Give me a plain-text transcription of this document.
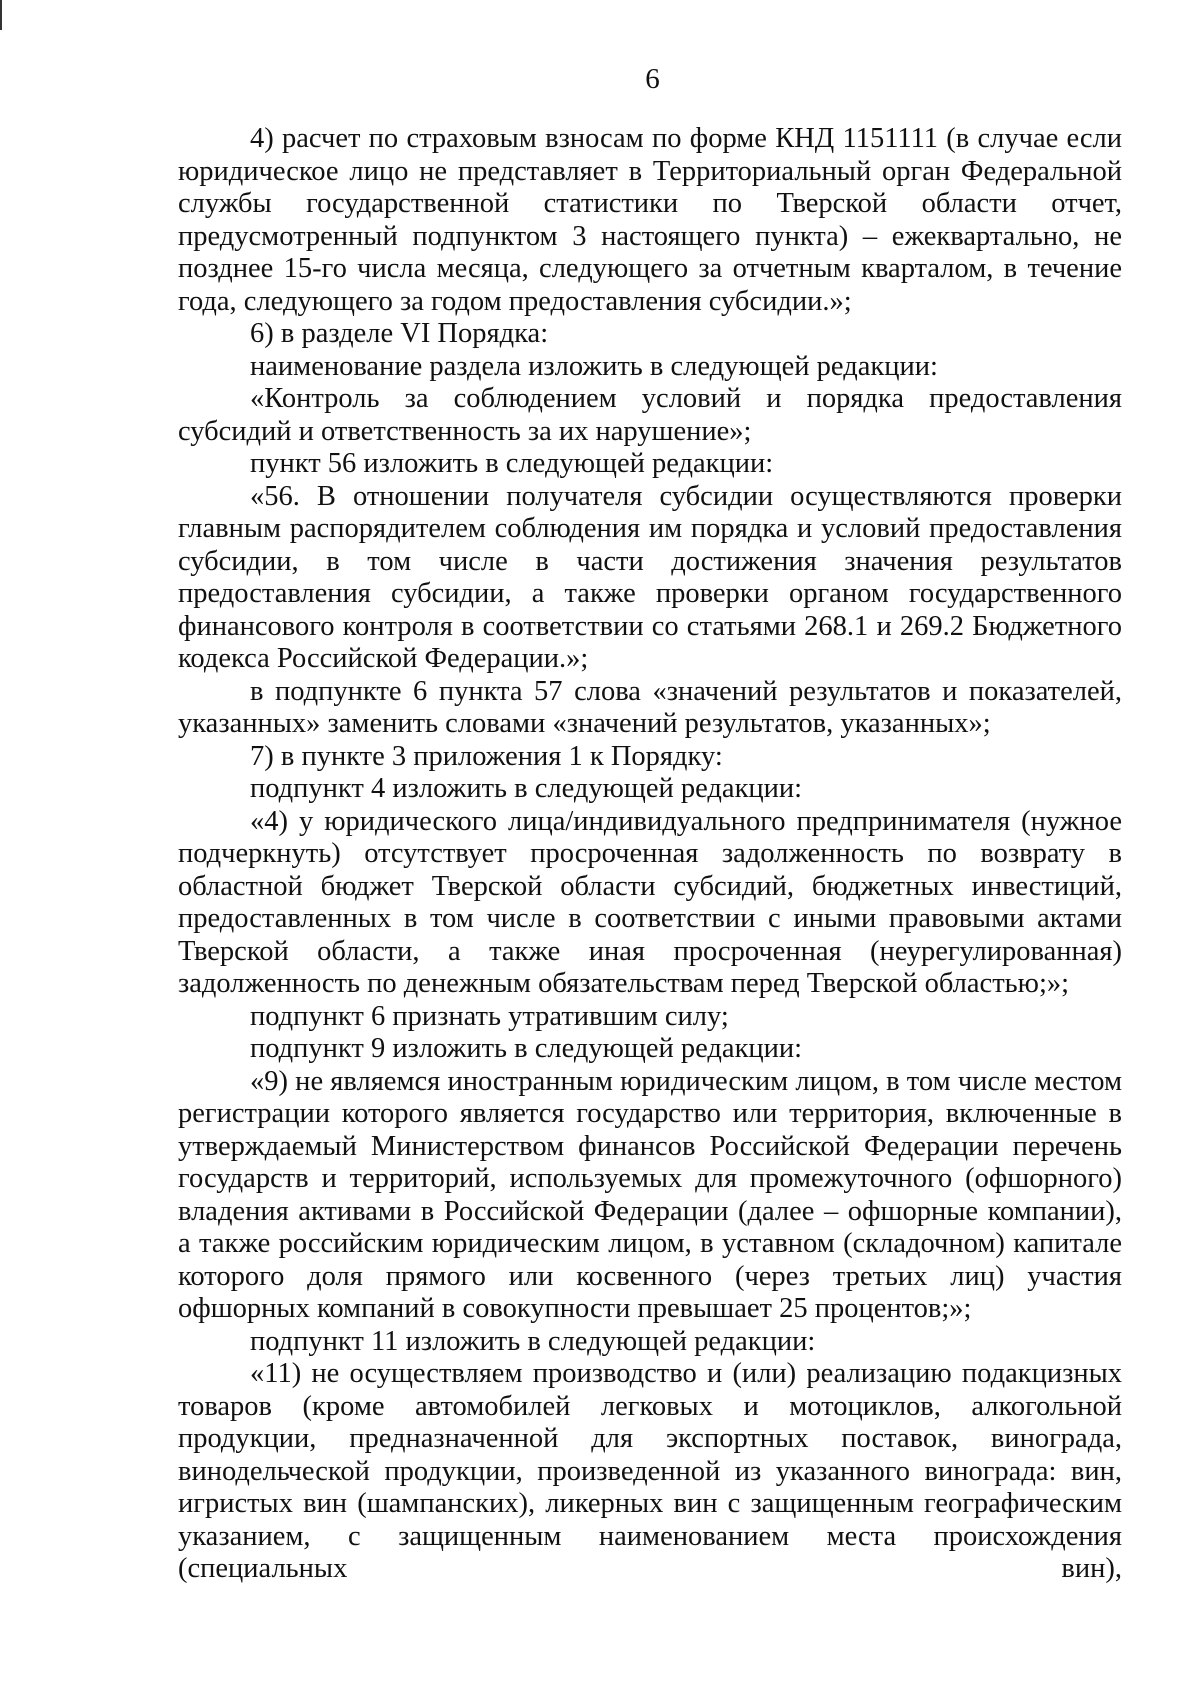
6

4) расчет по страховым взносам по форме КНД 1151111 (в случае если юридическое лицо не представляет в Территориальный орган Федеральной службы государственной статистики по Тверской области отчет, предусмотренный подпунктом 3 настоящего пункта) – ежеквартально, не позднее 15-го числа месяца, следующего за отчетным кварталом, в течение года, следующего за годом предоставления субсидии.»;

6) в разделе VI Порядка:

наименование раздела изложить в следующей редакции:

«Контроль за соблюдением условий и порядка предоставления субсидий и ответственность за их нарушение»;

пункт 56 изложить в следующей редакции:

«56. В отношении получателя субсидии осуществляются проверки главным распорядителем соблюдения им порядка и условий предоставления субсидии, в том числе в части достижения значения результатов предоставления субсидии, а также проверки органом государственного финансового контроля в соответствии со статьями 268.1 и 269.2 Бюджетного кодекса Российской Федерации.»;

в подпункте 6 пункта 57 слова «значений результатов и показателей, указанных» заменить словами «значений результатов, указанных»;

7) в пункте 3 приложения 1 к Порядку:

подпункт 4 изложить в следующей редакции:

«4) у юридического лица/индивидуального предпринимателя (нужное подчеркнуть) отсутствует просроченная задолженность по возврату в областной бюджет Тверской области субсидий, бюджетных инвестиций, предоставленных в том числе в соответствии с иными правовыми актами Тверской области, а также иная просроченная (неурегулированная) задолженность по денежным обязательствам перед Тверской областью;»;

подпункт 6 признать утратившим силу;

подпункт 9 изложить в следующей редакции:

«9) не являемся иностранным юридическим лицом, в том числе местом регистрации которого является государство или территория, включенные в утверждаемый Министерством финансов Российской Федерации перечень государств и территорий, используемых для промежуточного (офшорного) владения активами в Российской Федерации (далее – офшорные компании), а также российским юридическим лицом, в уставном (складочном) капитале которого доля прямого или косвенного (через третьих лиц) участия офшорных компаний в совокупности превышает 25 процентов;»;

подпункт 11 изложить в следующей редакции:

«11) не осуществляем производство и (или) реализацию подакцизных товаров (кроме автомобилей легковых и мотоциклов, алкогольной продукции, предназначенной для экспортных поставок, винограда, винодельческой продукции, произведенной из указанного винограда: вин, игристых вин (шампанских), ликерных вин с защищенным географическим указанием, с защищенным наименованием места происхождения (специальных вин),
